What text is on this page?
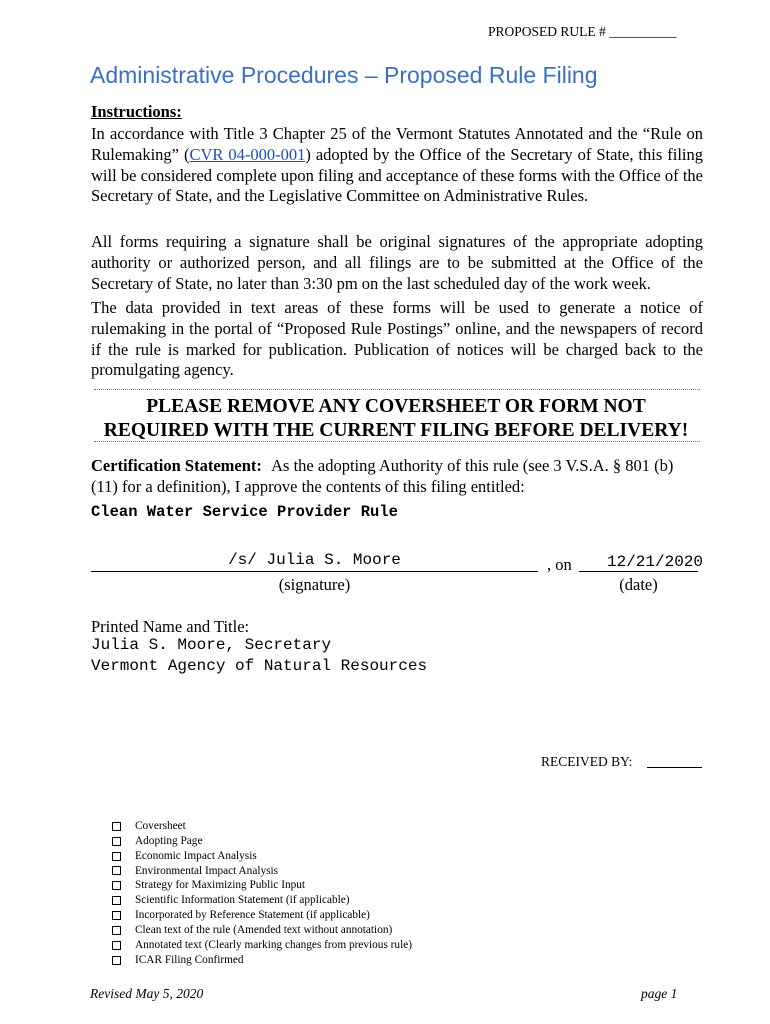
PROPOSED RULE # __________
Administrative Procedures – Proposed Rule Filing
Instructions:
In accordance with Title 3 Chapter 25 of the Vermont Statutes Annotated and the “Rule on Rulemaking” (CVR 04-000-001) adopted by the Office of the Secretary of State, this filing will be considered complete upon filing and acceptance of these forms with the Office of the Secretary of State, and the Legislative Committee on Administrative Rules.
All forms requiring a signature shall be original signatures of the appropriate adopting authority or authorized person, and all filings are to be submitted at the Office of the Secretary of State, no later than 3:30 pm on the last scheduled day of the work week.
The data provided in text areas of these forms will be used to generate a notice of rulemaking in the portal of “Proposed Rule Postings” online, and the newspapers of record if the rule is marked for publication. Publication of notices will be charged back to the promulgating agency.
PLEASE REMOVE ANY COVERSHEET OR FORM NOT
REQUIRED WITH THE CURRENT FILING BEFORE DELIVERY!
Certification Statement: As the adopting Authority of this rule (see 3 V.S.A. § 801 (b) (11) for a definition), I approve the contents of this filing entitled:
Clean Water Service Provider Rule
/s/ Julia S. Moore	, on	12/21/2020
(signature)	(date)
Printed Name and Title:
Julia S. Moore, Secretary
Vermont Agency of Natural Resources
RECEIVED BY:
Coversheet
Adopting Page
Economic Impact Analysis
Environmental Impact Analysis
Strategy for Maximizing Public Input
Scientific Information Statement (if applicable)
Incorporated by Reference Statement (if applicable)
Clean text of the rule (Amended text without annotation)
Annotated text (Clearly marking changes from previous rule)
ICAR Filing Confirmed
Revised May 5, 2020	page 1
